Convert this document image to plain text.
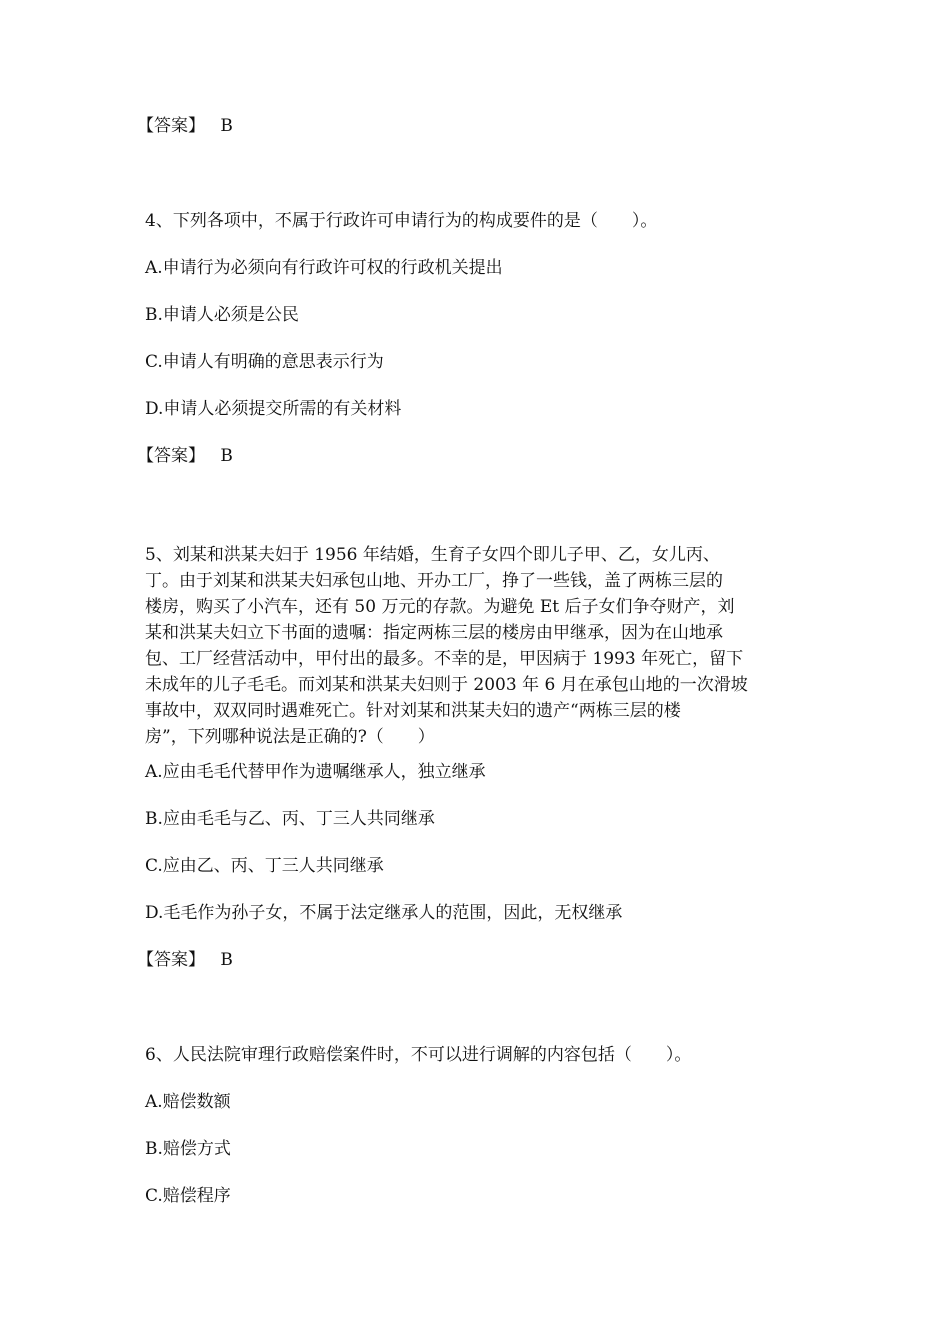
【答案】 B
4、下列各项中，不属于行政许可申请行为的构成要件的是（　　）。
A.申请行为必须向有行政许可权的行政机关提出
B.申请人必须是公民
C.申请人有明确的意思表示行为
D.申请人必须提交所需的有关材料
【答案】 B
5、刘某和洪某夫妇于 1956 年结婚，生育子女四个即儿子甲、乙，女儿丙、
丁。由于刘某和洪某夫妇承包山地、开办工厂，挣了一些钱，盖了两栋三层的
楼房，购买了小汽车，还有 50 万元的存款。为避免 Et 后子女们争夺财产，刘
某和洪某夫妇立下书面的遗嘱：指定两栋三层的楼房由甲继承，因为在山地承
包、工厂经营活动中，甲付出的最多。不幸的是，甲因病于 1993 年死亡，留下
未成年的儿子毛毛。而刘某和洪某夫妇则于 2003 年 6 月在承包山地的一次滑坡
事故中，双双同时遇难死亡。针对刘某和洪某夫妇的遗产“两栋三层的楼
房”，下列哪种说法是正确的?（　　）
A.应由毛毛代替甲作为遗嘱继承人，独立继承
B.应由毛毛与乙、丙、丁三人共同继承
C.应由乙、丙、丁三人共同继承
D.毛毛作为孙子女，不属于法定继承人的范围，因此，无权继承
【答案】 B
6、人民法院审理行政赔偿案件时，不可以进行调解的内容包括（　　）。
A.赔偿数额
B.赔偿方式
C.赔偿程序
